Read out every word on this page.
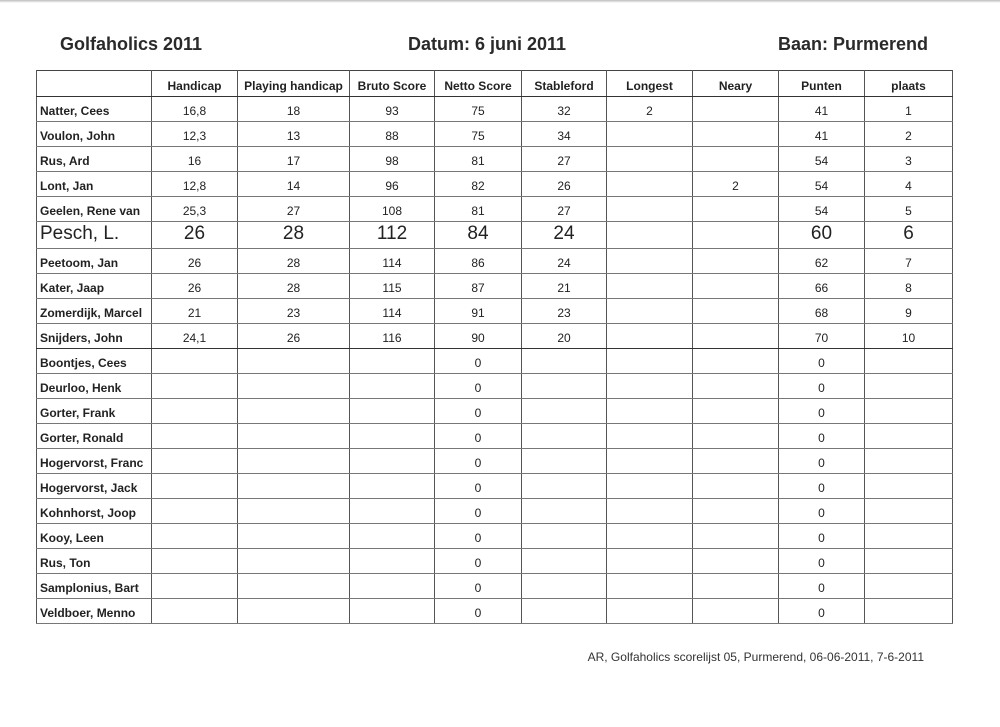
Golfaholics 2011	Datum: 6 juni 2011	Baan: Purmerend
	Handicap	Playing handicap	Bruto Score	Netto Score	Stableford	Longest	Neary	Punten	plaats
Natter, Cees	16,8	18	93	75	32	2		41	1
Voulon, John	12,3	13	88	75	34			41	2
Rus, Ard	16	17	98	81	27			54	3
Lont, Jan	12,8	14	96	82	26		2	54	4
Geelen, Rene van	25,3	27	108	81	27			54	5
Pesch, L.	26	28	112	84	24			60	6
Peetoom, Jan	26	28	114	86	24			62	7
Kater, Jaap	26	28	115	87	21			66	8
Zomerdijk, Marcel	21	23	114	91	23			68	9
Snijders, John	24,1	26	116	90	20			70	10
Boontjes, Cees				0				0	
Deurloo, Henk				0				0	
Gorter, Frank				0				0	
Gorter, Ronald				0				0	
Hogervorst, Franc				0				0	
Hogervorst, Jack				0				0	
Kohnhorst, Joop				0				0	
Kooy, Leen				0				0	
Rus, Ton				0				0	
Samplonius, Bart				0				0	
Veldboer, Menno				0				0	
AR, Golfaholics scorelijst 05, Purmerend, 06-06-2011, 7-6-2011
